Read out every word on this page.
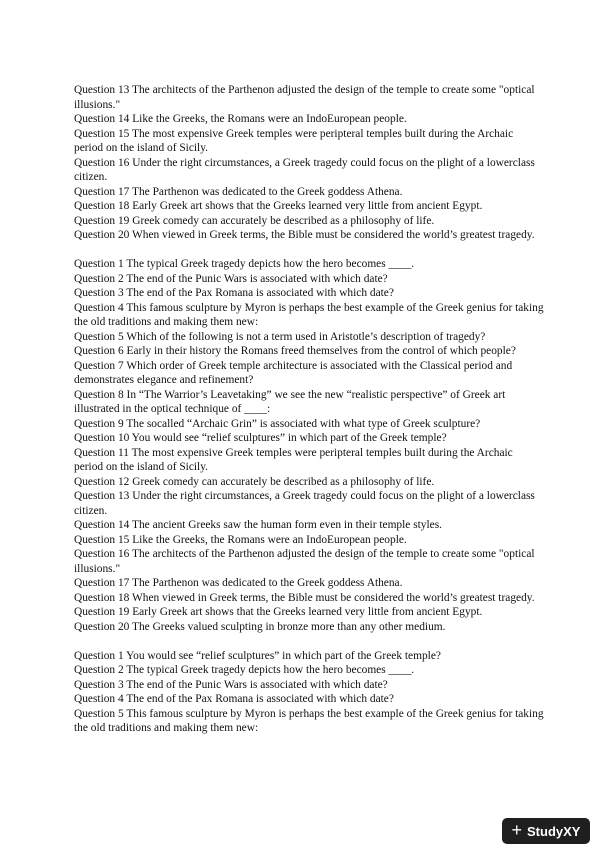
Question 13 The architects of the Parthenon adjusted the design of the temple to create some "optical illusions."

Question 14 Like the Greeks, the Romans were an IndoEuropean people.

Question 15 The most expensive Greek temples were peripteral temples built during the Archaic period on the island of Sicily.

Question 16 Under the right circumstances, a Greek tragedy could focus on the plight of a lowerclass citizen.

Question 17 The Parthenon was dedicated to the Greek goddess Athena.

Question 18 Early Greek art shows that the Greeks learned very little from ancient Egypt.

Question 19 Greek comedy can accurately be described as a philosophy of life.

Question 20 When viewed in Greek terms, the Bible must be considered the world’s greatest tragedy.

Question 1 The typical Greek tragedy depicts how the hero becomes ____.

Question 2 The end of the Punic Wars is associated with which date?

Question 3 The end of the Pax Romana is associated with which date?

Question 4 This famous sculpture by Myron is perhaps the best example of the Greek genius for taking the old traditions and making them new:

Question 5 Which of the following is not a term used in Aristotle’s description of tragedy?

Question 6 Early in their history the Romans freed themselves from the control of which people?

Question 7 Which order of Greek temple architecture is associated with the Classical period and demonstrates elegance and refinement?

Question 8 In “The Warrior’s Leavetaking” we see the new “realistic perspective” of Greek art illustrated in the optical technique of ____:

Question 9 The socalled “Archaic Grin” is associated with what type of Greek sculpture?

Question 10 You would see “relief sculptures” in which part of the Greek temple?

Question 11 The most expensive Greek temples were peripteral temples built during the Archaic period on the island of Sicily.

Question 12 Greek comedy can accurately be described as a philosophy of life.

Question 13 Under the right circumstances, a Greek tragedy could focus on the plight of a lowerclass citizen.

Question 14 The ancient Greeks saw the human form even in their temple styles.

Question 15 Like the Greeks, the Romans were an IndoEuropean people.

Question 16 The architects of the Parthenon adjusted the design of the temple to create some "optical illusions."

Question 17 The Parthenon was dedicated to the Greek goddess Athena.

Question 18 When viewed in Greek terms, the Bible must be considered the world’s greatest tragedy.

Question 19 Early Greek art shows that the Greeks learned very little from ancient Egypt.

Question 20 The Greeks valued sculpting in bronze more than any other medium.

Question 1 You would see “relief sculptures” in which part of the Greek temple?

Question 2 The typical Greek tragedy depicts how the hero becomes ____.

Question 3 The end of the Punic Wars is associated with which date?

Question 4 The end of the Pax Romana is associated with which date?

Question 5 This famous sculpture by Myron is perhaps the best example of the Greek genius for taking the old traditions and making them new:

+ StudyXY
